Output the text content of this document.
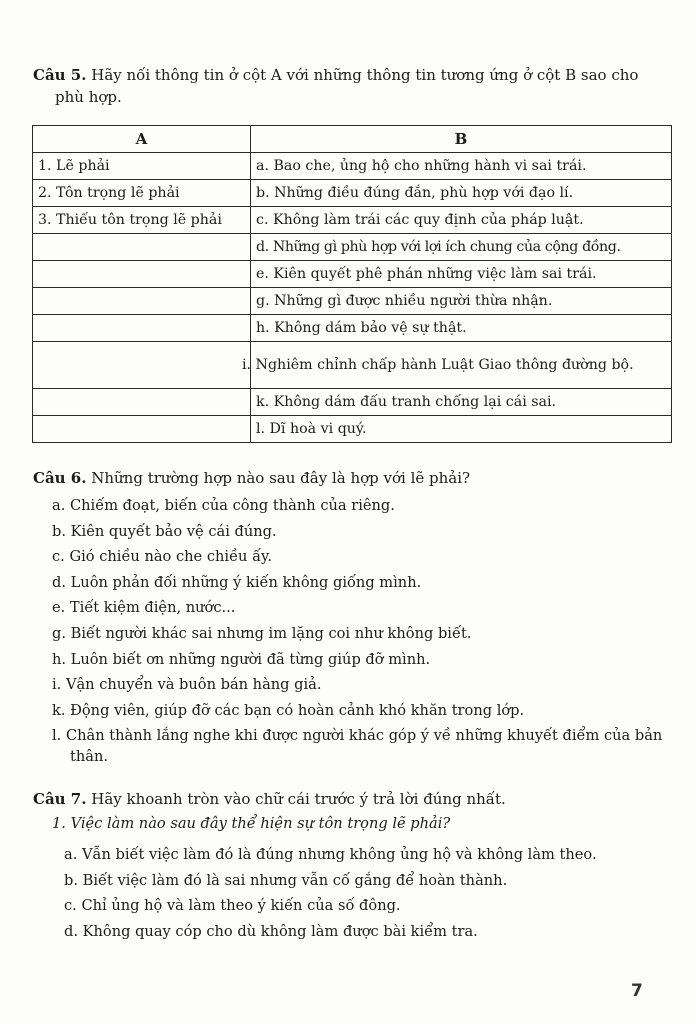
Câu 5. Hãy nối thông tin ở cột A với những thông tin tương ứng ở cột B sao cho
phù hợp.
A	B
1. Lẽ phải	a. Bao che, ủng hộ cho những hành vi sai trái.
2. Tôn trọng lẽ phải	b. Những điều đúng đắn, phù hợp với đạo lí.
3. Thiếu tôn trọng lẽ phải	c. Không làm trái các quy định của pháp luật.
	d. Những gì phù hợp với lợi ích chung của cộng đồng.
	e. Kiên quyết phê phán những việc làm sai trái.
	g. Những gì được nhiều người thừa nhận.
	h. Không dám bảo vệ sự thật.
	i. Nghiêm chỉnh chấp hành Luật Giao thông đường bộ.
	k. Không dám đấu tranh chống lại cái sai.
	l. Dĩ hoà vi quý.
Câu 6. Những trường hợp nào sau đây là hợp với lẽ phải?
a. Chiếm đoạt, biến của công thành của riêng.
b. Kiên quyết bảo vệ cái đúng.
c. Gió chiều nào che chiều ấy.
d. Luôn phản đối những ý kiến không giống mình.
e. Tiết kiệm điện, nước...
g. Biết người khác sai nhưng im lặng coi như không biết.
h. Luôn biết ơn những người đã từng giúp đỡ mình.
i. Vận chuyển và buôn bán hàng giả.
k. Động viên, giúp đỡ các bạn có hoàn cảnh khó khăn trong lớp.
l. Chân thành lắng nghe khi được người khác góp ý về những khuyết điểm của bản thân.
Câu 7. Hãy khoanh tròn vào chữ cái trước ý trả lời đúng nhất.
1. Việc làm nào sau đây thể hiện sự tôn trọng lẽ phải?
a. Vẫn biết việc làm đó là đúng nhưng không ủng hộ và không làm theo.
b. Biết việc làm đó là sai nhưng vẫn cố gắng để hoàn thành.
c. Chỉ ủng hộ và làm theo ý kiến của số đông.
d. Không quay cóp cho dù không làm được bài kiểm tra.
7
